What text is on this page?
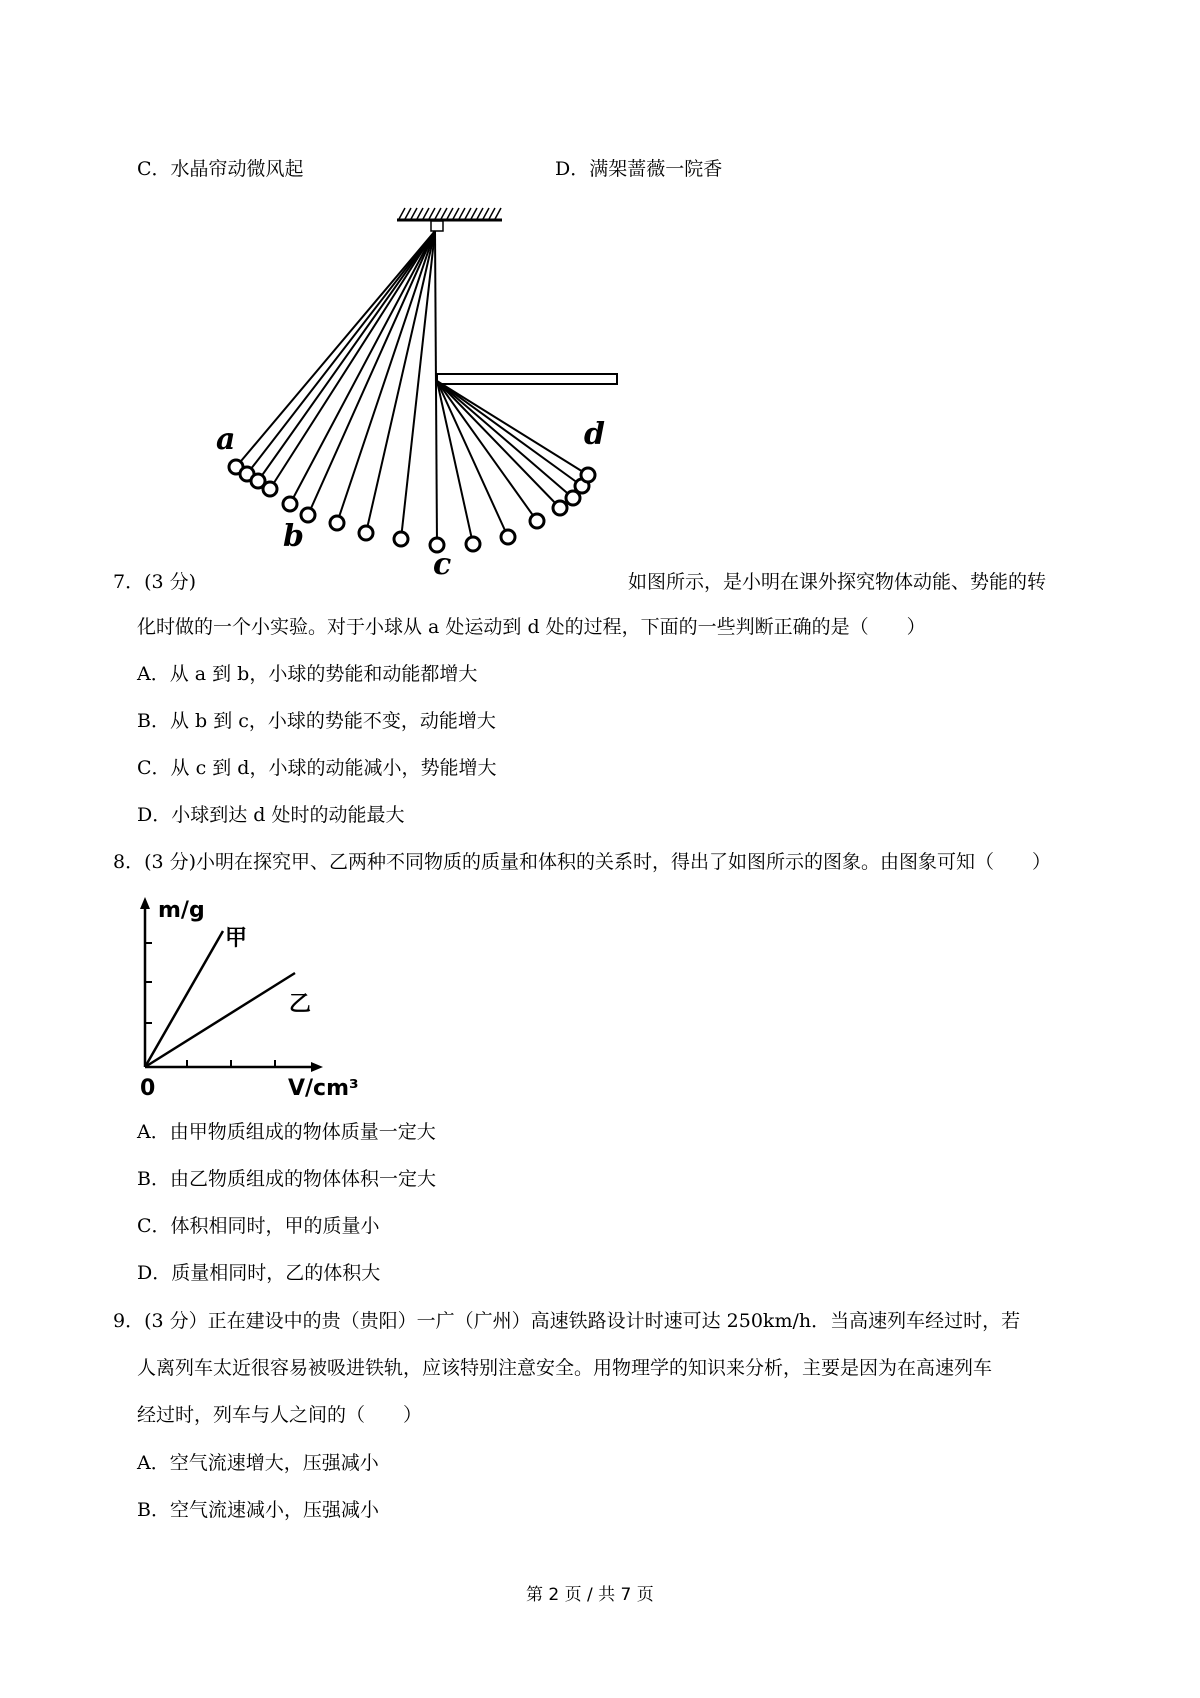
C．水晶帘动微风起	D．满架蔷薇一院香
a
b
c
d
7．(3 分)	如图所示，是小明在课外探究物体动能、势能的转
化时做的一个小实验。对于小球从 a 处运动到 d 处的过程，下面的一些判断正确的是（　　）
A．从 a 到 b，小球的势能和动能都增大
B．从 b 到 c，小球的势能不变，动能增大
C．从 c 到 d，小球的动能减小，势能增大
D．小球到达 d 处时的动能最大
8．(3 分)小明在探究甲、乙两种不同物质的质量和体积的关系时，得出了如图所示的图象。由图象可知（　　）
m/g
甲
乙
0	V/cm³
A．由甲物质组成的物体质量一定大
B．由乙物质组成的物体体积一定大
C．体积相同时，甲的质量小
D．质量相同时，乙的体积大
9．(3 分）正在建设中的贵（贵阳）一广（广州）高速铁路设计时速可达 250km/h．当高速列车经过时，若
人离列车太近很容易被吸进铁轨，应该特别注意安全。用物理学的知识来分析，主要是因为在高速列车
经过时，列车与人之间的（　　）
A．空气流速增大，压强减小
B．空气流速减小，压强减小
第 2 页 / 共 7 页
